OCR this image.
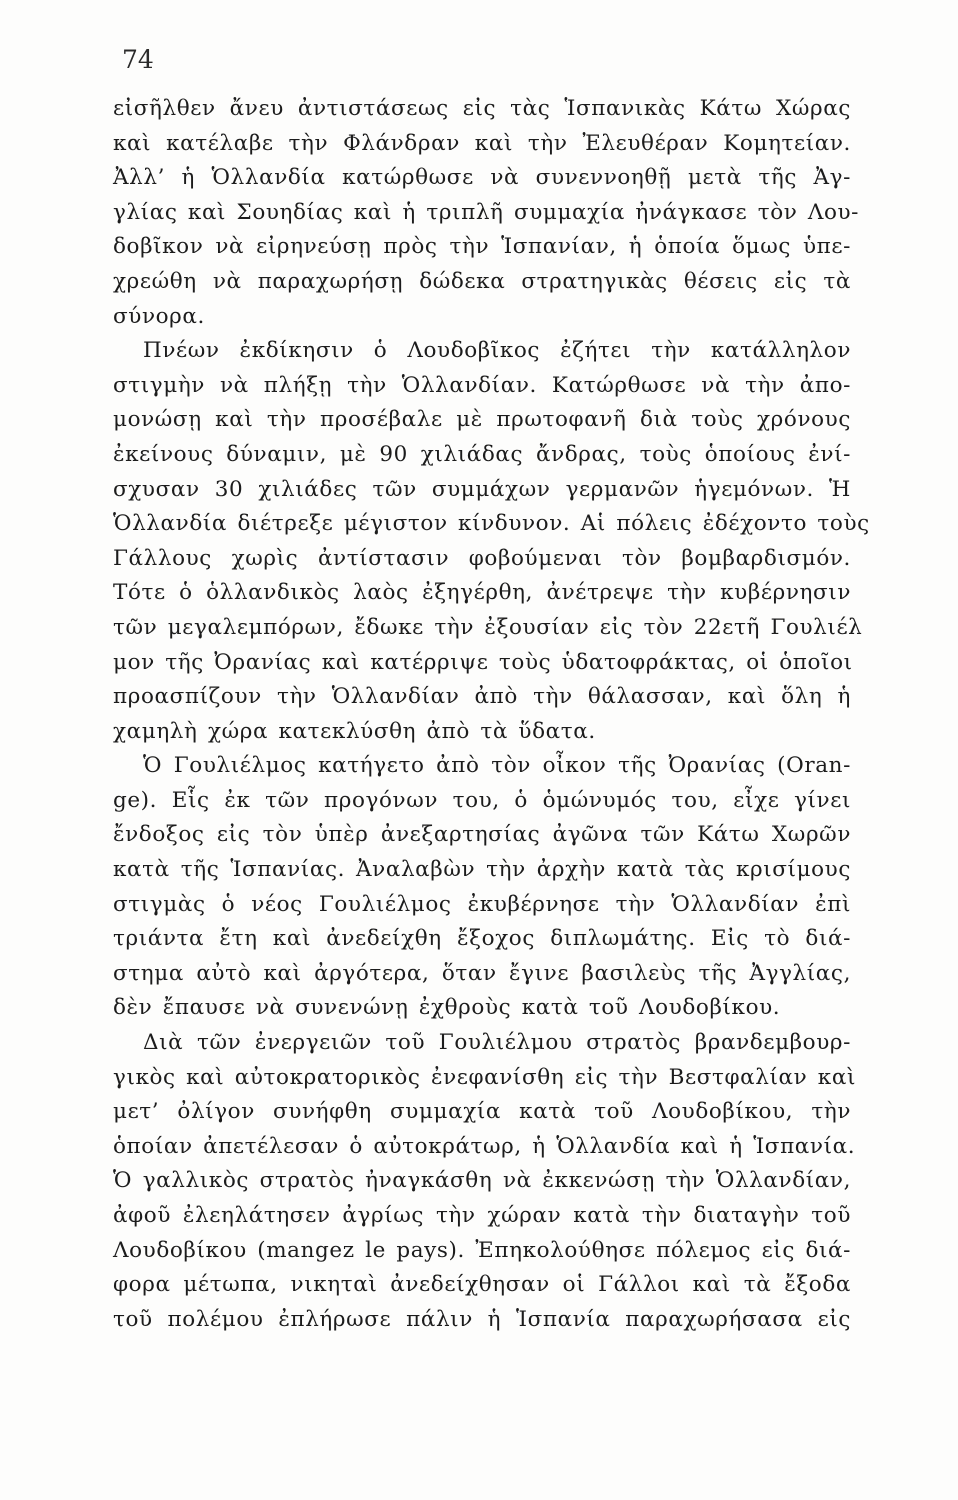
74
εἰσῆλθεν ἄνευ ἀντιστάσεως εἰς τὰς Ἱσπανικὰς Κάτω Χώρας
καὶ κατέλαβε τὴν Φλάνδραν καὶ τὴν Ἐλευθέραν Κομητείαν.
Ἀλλ’ ἡ Ὁλλανδία κατώρθωσε νὰ συνεννοηθῇ μετὰ τῆς Ἀγ-
γλίας καὶ Σουηδίας καὶ ἡ τριπλῆ συμμαχία ἠνάγκασε τὸν Λου-
δοβῖκον νὰ εἰρηνεύσῃ πρὸς τὴν Ἱσπανίαν, ἡ ὁποία ὅμως ὑπε-
χρεώθη νὰ παραχωρήσῃ δώδεκα στρατηγικὰς θέσεις εἰς τὰ
σύνορα.
Πνέων ἐκδίκησιν ὁ Λουδοβῖκος ἐζήτει τὴν κατάλληλον
στιγμὴν νὰ πλήξῃ τὴν Ὁλλανδίαν. Κατώρθωσε νὰ τὴν ἀπο-
μονώσῃ καὶ τὴν προσέβαλε μὲ πρωτοφανῆ διὰ τοὺς χρόνους
ἐκείνους δύναμιν, μὲ 90 χιλιάδας ἄνδρας, τοὺς ὁποίους ἐνί-
σχυσαν 30 χιλιάδες τῶν συμμάχων γερμανῶν ἡγεμόνων. Ἡ
Ὁλλανδία διέτρεξε μέγιστον κίνδυνον. Αἱ πόλεις ἐδέχοντο τοὺς
Γάλλους χωρὶς ἀντίστασιν φοβούμεναι τὸν βομβαρδισμόν.
Τότε ὁ ὁλλανδικὸς λαὸς ἐξηγέρθη, ἀνέτρεψε τὴν κυβέρνησιν
τῶν μεγαλεμπόρων, ἔδωκε τὴν ἐξουσίαν εἰς τὸν 22ετῆ Γουλιέλ
μον τῆς Ὀρανίας καὶ κατέρριψε τοὺς ὑδατοφράκτας, οἱ ὁποῖοι
προασπίζουν τὴν Ὁλλανδίαν ἀπὸ τὴν θάλασσαν, καὶ ὅλη ἡ
χαμηλὴ χώρα κατεκλύσθη ἀπὸ τὰ ὕδατα.
Ὁ Γουλιέλμος κατήγετο ἀπὸ τὸν οἶκον τῆς Ὀρανίας (Oran-
ge). Εἷς ἐκ τῶν προγόνων του, ὁ ὁμώνυμός του, εἶχε γίνει
ἔνδοξος εἰς τὸν ὑπὲρ ἀνεξαρτησίας ἀγῶνα τῶν Κάτω Χωρῶν
κατὰ τῆς Ἱσπανίας. Ἀναλαβὼν τὴν ἀρχὴν κατὰ τὰς κρισίμους
στιγμὰς ὁ νέος Γουλιέλμος ἐκυβέρνησε τὴν Ὁλλανδίαν ἐπὶ
τριάντα ἔτη καὶ ἀνεδείχθη ἔξοχος διπλωμάτης. Εἰς τὸ διά-
στημα αὐτὸ καὶ ἀργότερα, ὅταν ἔγινε βασιλεὺς τῆς Ἀγγλίας,
δὲν ἔπαυσε νὰ συνενώνῃ ἐχθροὺς κατὰ τοῦ Λουδοβίκου.
Διὰ τῶν ἐνεργειῶν τοῦ Γουλιέλμου στρατὸς βρανδεμβουρ-
γικὸς καὶ αὐτοκρατορικὸς ἐνεφανίσθη εἰς τὴν Βεστφαλίαν καὶ
μετ’ ὀλίγον συνήφθη συμμαχία κατὰ τοῦ Λουδοβίκου, τὴν
ὁποίαν ἀπετέλεσαν ὁ αὐτοκράτωρ, ἡ Ὁλλανδία καὶ ἡ Ἱσπανία.
Ὁ γαλλικὸς στρατὸς ἠναγκάσθη νὰ ἐκκενώσῃ τὴν Ὁλλανδίαν,
ἀφοῦ ἐλεηλάτησεν ἀγρίως τὴν χώραν κατὰ τὴν διαταγὴν τοῦ
Λουδοβίκου (mangez le pays). Ἐπηκολούθησε πόλεμος εἰς διά-
φορα μέτωπα, νικηταὶ ἀνεδείχθησαν οἱ Γάλλοι καὶ τὰ ἔξοδα
τοῦ πολέμου ἐπλήρωσε πάλιν ἡ Ἱσπανία παραχωρήσασα εἰς
